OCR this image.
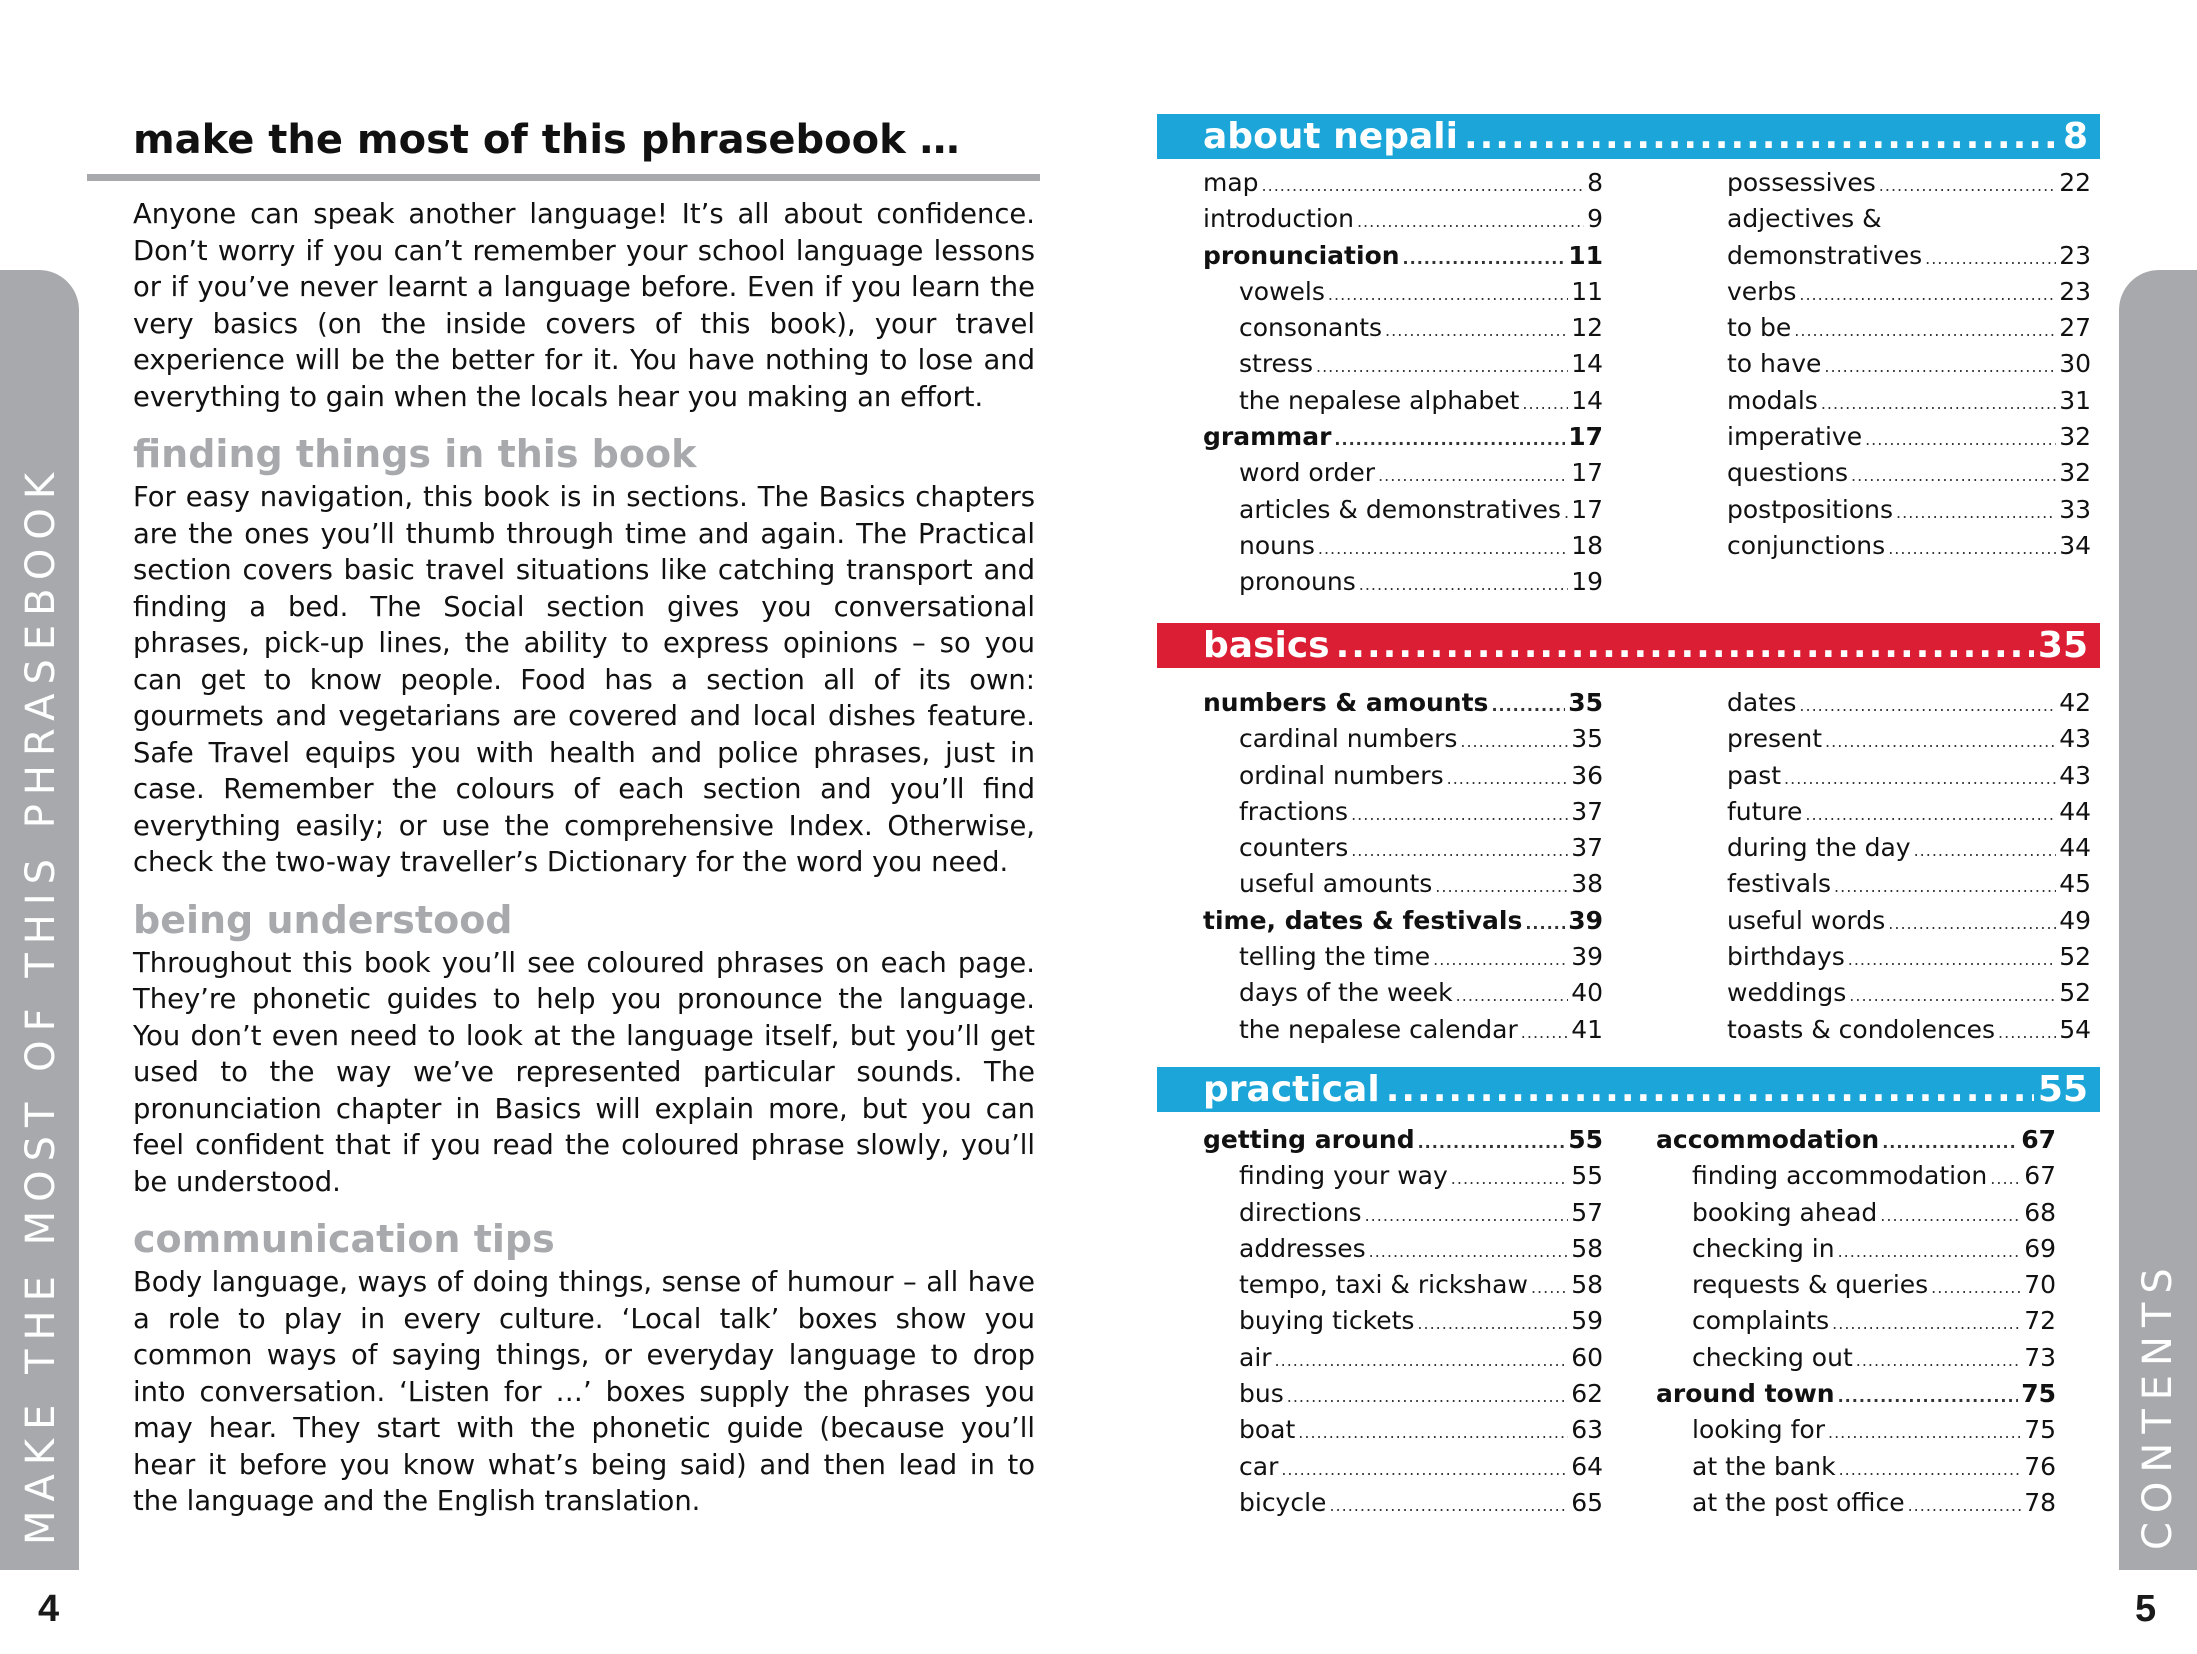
MAKE THE MOST OF THIS PHRASEBOOK	CONTENTS
4	5
make the most of this phrasebook …

Anyone can speak another language! It’s all about confidence. Don’t worry if you can’t remember your school language lessons or if you’ve never learnt a language before. Even if you learn the very basics (on the inside covers of this book), your travel experience will be the better for it. You have nothing to lose and everything to gain when the locals hear you making an effort.

finding things in this book

For easy navigation, this book is in sections. The Basics chapters are the ones you’ll thumb through time and again. The Practical section covers basic travel situations like catching transport and finding a bed. The Social section gives you conversational phrases, pick-up lines, the ability to express opinions – so you can get to know people. Food has a section all of its own: gourmets and vegetarians are covered and local dishes feature. Safe Travel equips you with health and police phrases, just in case. Remember the colours of each section and you’ll find everything easily; or use the comprehensive Index. Otherwise, check the two-way traveller’s Dictionary for the word you need.

being understood

Throughout this book you’ll see coloured phrases on each page. They’re phonetic guides to help you pronounce the language. You don’t even need to look at the language itself, but you’ll get used to the way we’ve represented particular sounds. The pronunciation chapter in Basics will explain more, but you can feel confident that if you read the coloured phrase slowly, you’ll be understood.

communication tips

Body language, ways of doing things, sense of humour – all have a role to play in every culture. ‘Local talk’ boxes show you common ways of saying things, or everyday language to drop into conversation. ‘Listen for …’ boxes supply the phrases you may hear. They start with the phonetic guide (because you’ll hear it before you know what’s being said) and then lead in to the language and the English translation.

about nepali .....	8
basics .....	35
practical .....	55
map .....	8
introduction .....	9
pronunciation .....	11
vowels .....	11
consonants .....	12
stress .....	14
the nepalese alphabet ..... 14
grammar .....	17
word order .....	17
articles & demonstratives ..... 17
nouns .....	18
pronouns .....	19
possessives .....	22
adjectives &
demonstratives .....	23
verbs .....	23
to be .....	27
to have .....	30
modals .....	31
imperative .....	32
questions .....	32
postpositions .....	33
conjunctions .....	34
numbers & amounts .....	35
cardinal numbers .....	35
ordinal numbers .....	36
fractions .....	37
counters .....	37
useful amounts .....	38
time, dates & festivals ..... 39
telling the time .....	39
days of the week .....	40
the nepalese calendar ..... 41
dates .....	42
present .....	43
past .....	43
future .....	44
during the day .....	44
festivals .....	45
useful words .....	49
birthdays .....	52
weddings .....	52
toasts & condolences .....	54
getting around .....	55
finding your way .....	55
directions .....	57
addresses .....	58
tempo, taxi & rickshaw ..... 58
buying tickets .....	59
air .....	60
bus .....	62
boat .....	63
car .....	64
bicycle .....	65
accommodation .....	67
finding accommodation ..... 67
booking ahead .....	68
checking in .....	69
requests & queries .....	70
complaints .....	72
checking out .....	73
around town .....	75
looking for .....	75
at the bank .....	76
at the post office .....	78
